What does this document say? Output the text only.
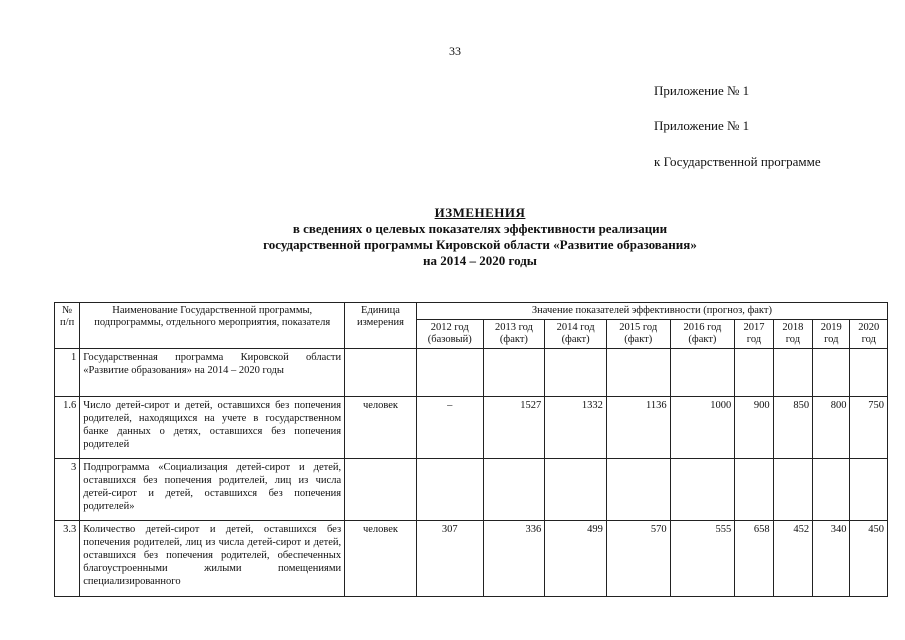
33
Приложение № 1
Приложение № 1
к Государственной программе
ИЗМЕНЕНИЯ
в сведениях о целевых показателях эффективности реализации
государственной программы Кировской области «Развитие образования»
на 2014 – 2020 годы
№ п/п	Наименование Государственной программы, подпрограммы, отдельного мероприятия, показателя	Единица измерения	Значение показателей эффективности (прогноз, факт)								
			2012 год (базовый)	2013 год (факт)	2014 год (факт)	2015 год (факт)	2016 год (факт)	2017 год	2018 год	2019 год	2020 год
1	Государственная программа Кировской области «Развитие образования» на 2014 – 2020 годы										
1.6	Число детей-сирот и детей, оставшихся без попечения родителей, находящихся на учете в государственном банке данных о детях, оставшихся без попечения родителей	человек	–	1527	1332	1136	1000	900	850	800	750
3	Подпрограмма «Социализация детей-сирот и детей, оставшихся без попечения родителей, лиц из числа детей-сирот и детей, оставшихся без попечения родителей»										
3.3	Количество детей-сирот и детей, оставшихся без попечения родителей, лиц из числа детей-сирот и детей, оставшихся без попечения родителей, обеспеченных благоустроенными жилыми помещениями специализированного	человек	307	336	499	570	555	658	452	340	450
